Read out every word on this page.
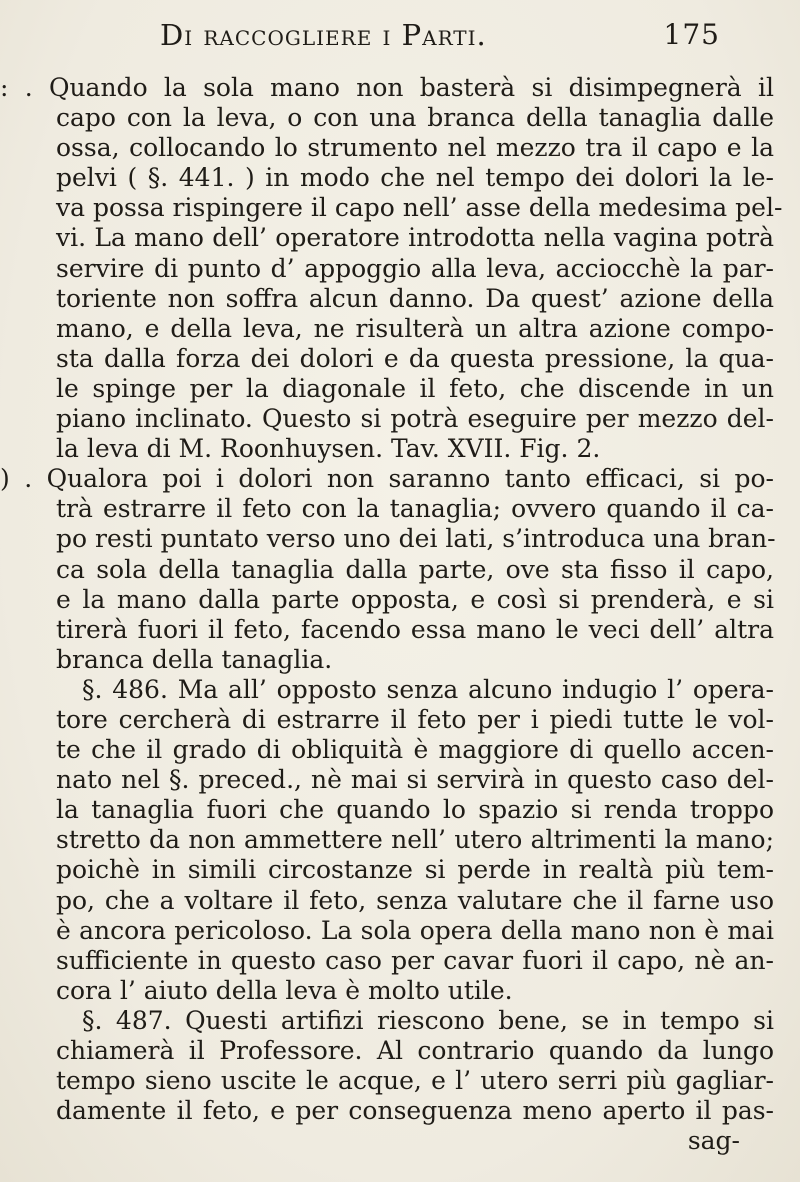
Di raccogliere i Parti.	175
: . Quando la sola mano non basterà si disimpegnerà il
capo con la leva, o con una branca della tanaglia dalle
ossa, collocando lo strumento nel mezzo tra il capo e la
pelvi ( §. 441. ) in modo che nel tempo dei dolori la le-
va possa rispingere il capo nell’ asse della medesima pel-
vi. La mano dell’ operatore introdotta nella vagina potrà
servire di punto d’ appoggio alla leva, acciocchè la par-
toriente non soffra alcun danno. Da quest’ azione della
mano, e della leva, ne risulterà un altra azione compo-
sta dalla forza dei dolori e da questa pressione, la qua-
le spinge per la diagonale il feto, che discende in un
piano inclinato. Questo si potrà eseguire per mezzo del-
la leva di M. Roonhuysen. Tav. XVII. Fig. 2.
) . Qualora poi i dolori non saranno tanto efficaci, si po-
trà estrarre il feto con la tanaglia; ovvero quando il ca-
po resti puntato verso uno dei lati, s’introduca una bran-
ca sola della tanaglia dalla parte, ove sta fisso il capo,
e la mano dalla parte opposta, e così si prenderà, e si
tirerà fuori il feto, facendo essa mano le veci dell’ altra
branca della tanaglia.
§. 486. Ma all’ opposto senza alcuno indugio l’ opera-
tore cercherà di estrarre il feto per i piedi tutte le vol-
te che il grado di obliquità è maggiore di quello accen-
nato nel §. preced., nè mai si servirà in questo caso del-
la tanaglia fuori che quando lo spazio si renda troppo
stretto da non ammettere nell’ utero altrimenti la mano;
poichè in simili circostanze si perde in realtà più tem-
po, che a voltare il feto, senza valutare che il farne uso
è ancora pericoloso. La sola opera della mano non è mai
sufficiente in questo caso per cavar fuori il capo, nè an-
cora l’ aiuto della leva è molto utile.
§. 487. Questi artifizi riescono bene, se in tempo si
chiamerà il Professore. Al contrario quando da lungo
tempo sieno uscite le acque, e l’ utero serri più gagliar-
damente il feto, e per conseguenza meno aperto il pas-
sag-
